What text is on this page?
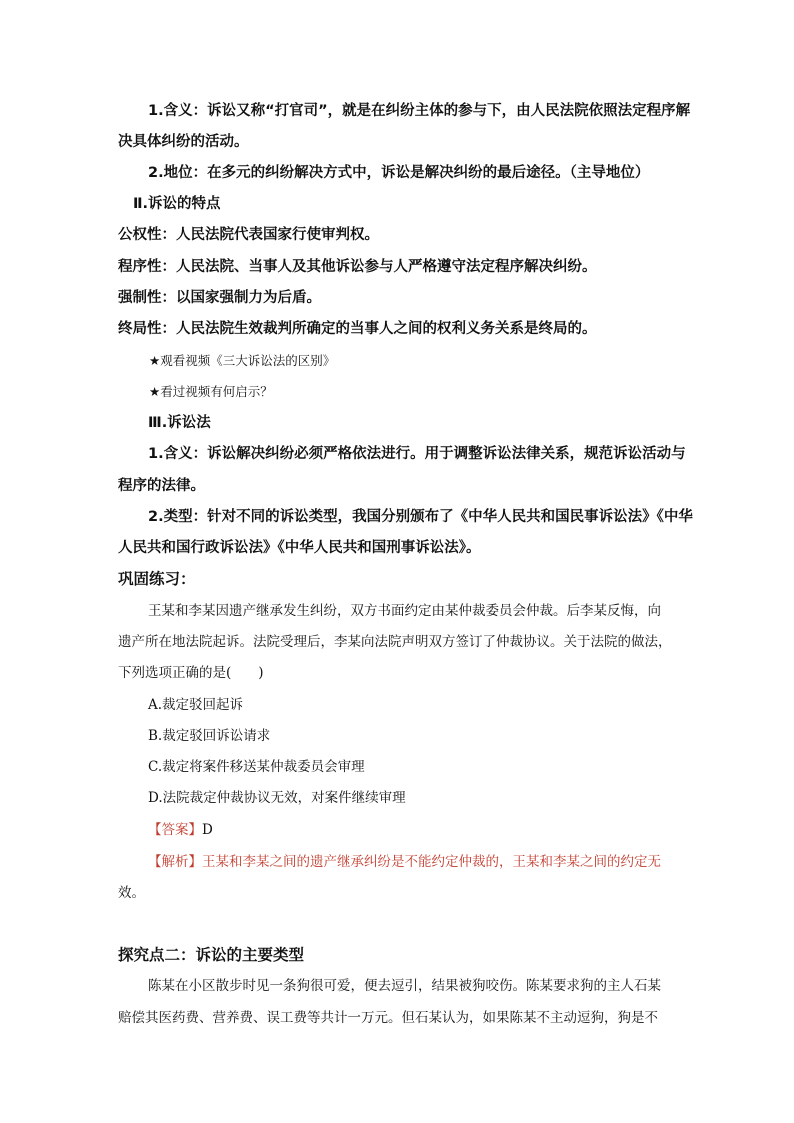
1.含义：诉讼又称“打官司”，就是在纠纷主体的参与下，由人民法院依照法定程序解
决具体纠纷的活动。
2.地位：在多元的纠纷解决方式中，诉讼是解决纠纷的最后途径。（主导地位）
Ⅱ.诉讼的特点
公权性：人民法院代表国家行使审判权。
程序性：人民法院、当事人及其他诉讼参与人严格遵守法定程序解决纠纷。
强制性：以国家强制力为后盾。
终局性：人民法院生效裁判所确定的当事人之间的权利义务关系是终局的。
★观看视频《三大诉讼法的区别》
★看过视频有何启示？
Ⅲ.诉讼法
1.含义：诉讼解决纠纷必须严格依法进行。用于调整诉讼法律关系，规范诉讼活动与
程序的法律。
2.类型：针对不同的诉讼类型，我国分别颁布了《中华人民共和国民事诉讼法》《中华
人民共和国行政诉讼法》《中华人民共和国刑事诉讼法》。
巩固练习：
王某和李某因遗产继承发生纠纷，双方书面约定由某仲裁委员会仲裁。后李某反悔，向
遗产所在地法院起诉。法院受理后，李某向法院声明双方签订了仲裁协议。关于法院的做法，
下列选项正确的是(　　)
A.裁定驳回起诉
B.裁定驳回诉讼请求
C.裁定将案件移送某仲裁委员会审理
D.法院裁定仲裁协议无效，对案件继续审理
【答案】D
【解析】王某和李某之间的遗产继承纠纷是不能约定仲裁的，王某和李某之间的约定无
效。
探究点二：诉讼的主要类型
陈某在小区散步时见一条狗很可爱，便去逗引，结果被狗咬伤。陈某要求狗的主人石某
赔偿其医药费、营养费、误工费等共计一万元。但石某认为，如果陈某不主动逗狗，狗是不
